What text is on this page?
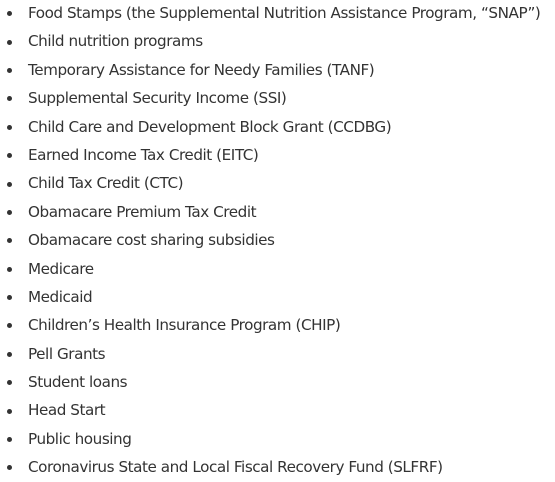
Food Stamps (the Supplemental Nutrition Assistance Program, “SNAP”)
Child nutrition programs
Temporary Assistance for Needy Families (TANF)
Supplemental Security Income (SSI)
Child Care and Development Block Grant (CCDBG)
Earned Income Tax Credit (EITC)
Child Tax Credit (CTC)
Obamacare Premium Tax Credit
Obamacare cost sharing subsidies
Medicare
Medicaid
Children’s Health Insurance Program (CHIP)
Pell Grants
Student loans
Head Start
Public housing
Coronavirus State and Local Fiscal Recovery Fund (SLFRF)
